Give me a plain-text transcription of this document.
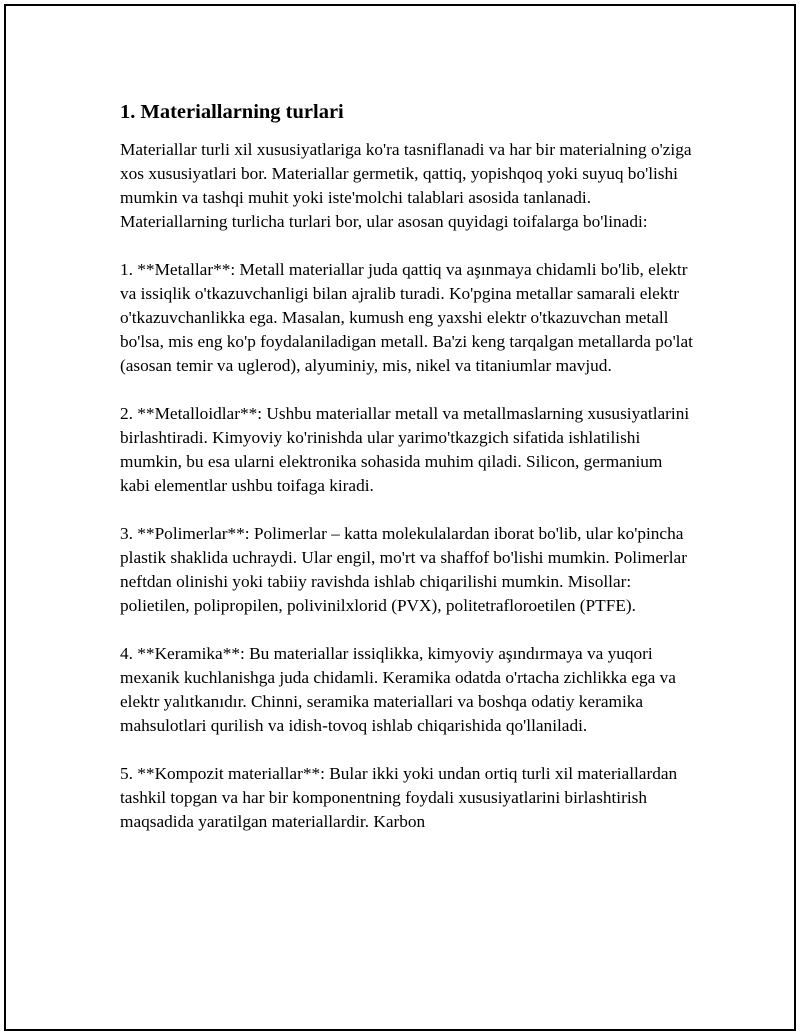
1. Materiallarning turlari

Materiallar turli xil xususiyatlariga ko'ra tasniflanadi va har bir materialning o'ziga xos xususiyatlari bor. Materiallar germetik, qattiq, yopishqoq yoki suyuq bo'lishi mumkin va tashqi muhit yoki iste'molchi talablari asosida tanlanadi. Materiallarning turlicha turlari bor, ular asosan quyidagi toifalarga bo'linadi:

1. **Metallar**: Metall materiallar juda qattiq va aşınmaya chidamli bo'lib, elektr va issiqlik o'tkazuvchanligi bilan ajralib turadi. Ko'pgina metallar samarali elektr o'tkazuvchanlikka ega. Masalan, kumush eng yaxshi elektr o'tkazuvchan metall bo'lsa, mis eng ko'p foydalaniladigan metall. Ba'zi keng tarqalgan metallarda po'lat (asosan temir va uglerod), alyuminiy, mis, nikel va titaniumlar mavjud.

2. **Metalloidlar**: Ushbu materiallar metall va metallmaslarning xususiyatlarini birlashtiradi. Kimyoviy ko'rinishda ular yarimo'tkazgich sifatida ishlatilishi mumkin, bu esa ularni elektronika sohasida muhim qiladi. Silicon, germanium kabi elementlar ushbu toifaga kiradi.

3. **Polimerlar**: Polimerlar – katta molekulalardan iborat bo'lib, ular ko'pincha plastik shaklida uchraydi. Ular engil, mo'rt va shaffof bo'lishi mumkin. Polimerlar neftdan olinishi yoki tabiiy ravishda ishlab chiqarilishi mumkin. Misollar: polietilen, polipropilen, polivinilxlorid (PVX), politetrafloroetilen (PTFE).

4. **Keramika**: Bu materiallar issiqlikka, kimyoviy aşındırmaya va yuqori mexanik kuchlanishga juda chidamli. Keramika odatda o'rtacha zichlikka ega va elektr yalıtkanıdır. Chinni, seramika materiallari va boshqa odatiy keramika mahsulotlari qurilish va idish-tovoq ishlab chiqarishida qo'llaniladi.

5. **Kompozit materiallar**: Bular ikki yoki undan ortiq turli xil materiallardan tashkil topgan va har bir komponentning foydali xususiyatlarini birlashtirish maqsadida yaratilgan materiallardir. Karbon
